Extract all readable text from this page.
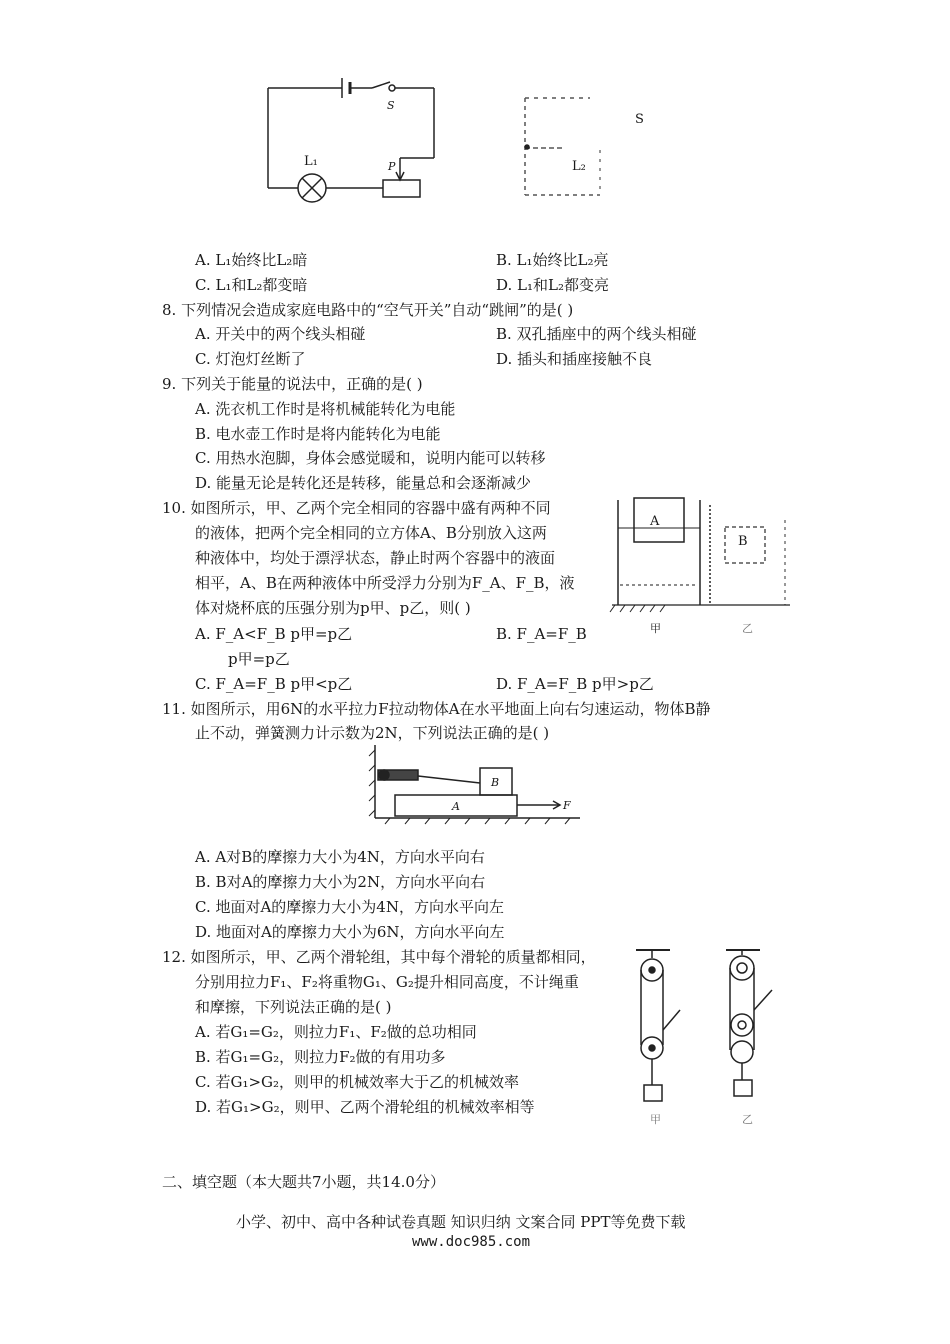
S
L₁	P
S
L₂
A. L₁始终比L₂暗	B. L₁始终比L₂亮
C. L₁和L₂都变暗	D. L₁和L₂都变亮
8. 下列情况会造成家庭电路中的“空气开关”自动“跳闸”的是( )
A. 开关中的两个线头相碰	B. 双孔插座中的两个线头相碰
C. 灯泡灯丝断了	D. 插头和插座接触不良
9. 下列关于能量的说法中，正确的是( )
A. 洗衣机工作时是将机械能转化为电能
B. 电水壶工作时是将内能转化为电能
C. 用热水泡脚，身体会感觉暖和，说明内能可以转移
D. 能量无论是转化还是转移，能量总和会逐渐减少
10. 如图所示，甲、乙两个完全相同的容器中盛有两种不同
的液体，把两个完全相同的立方体A、B分别放入这两
种液体中，均处于漂浮状态，静止时两个容器中的液面
相平，A、B在两种液体中所受浮力分别为F_A、F_B，液
体对烧杯底的压强分别为p甲、p乙，则( )
A. F_A<F_B p甲=p乙	B. F_A=F_B
p甲=p乙
C. F_A=F_B p甲<p乙	D. F_A=F_B p甲>p乙
A
B
甲	乙
11. 如图所示，用6N的水平拉力F拉动物体A在水平地面上向右匀速运动，物体B静
止不动，弹簧测力计示数为2N，下列说法正确的是( )
B
A	F
A. A对B的摩擦力大小为4N，方向水平向右
B. B对A的摩擦力大小为2N，方向水平向右
C. 地面对A的摩擦力大小为4N，方向水平向左
D. 地面对A的摩擦力大小为6N，方向水平向左
12. 如图所示，甲、乙两个滑轮组，其中每个滑轮的质量都相同，
分别用拉力F₁、F₂将重物G₁、G₂提升相同高度，不计绳重
和摩擦，下列说法正确的是( )
A. 若G₁=G₂，则拉力F₁、F₂做的总功相同
B. 若G₁=G₂，则拉力F₂做的有用功多
C. 若G₁>G₂，则甲的机械效率大于乙的机械效率
D. 若G₁>G₂，则甲、乙两个滑轮组的机械效率相等
甲	乙
二、填空题（本大题共7小题，共14.0分）
小学、初中、高中各种试卷真题 知识归纳 文案合同 PPT等免费下载
www.doc985.com
